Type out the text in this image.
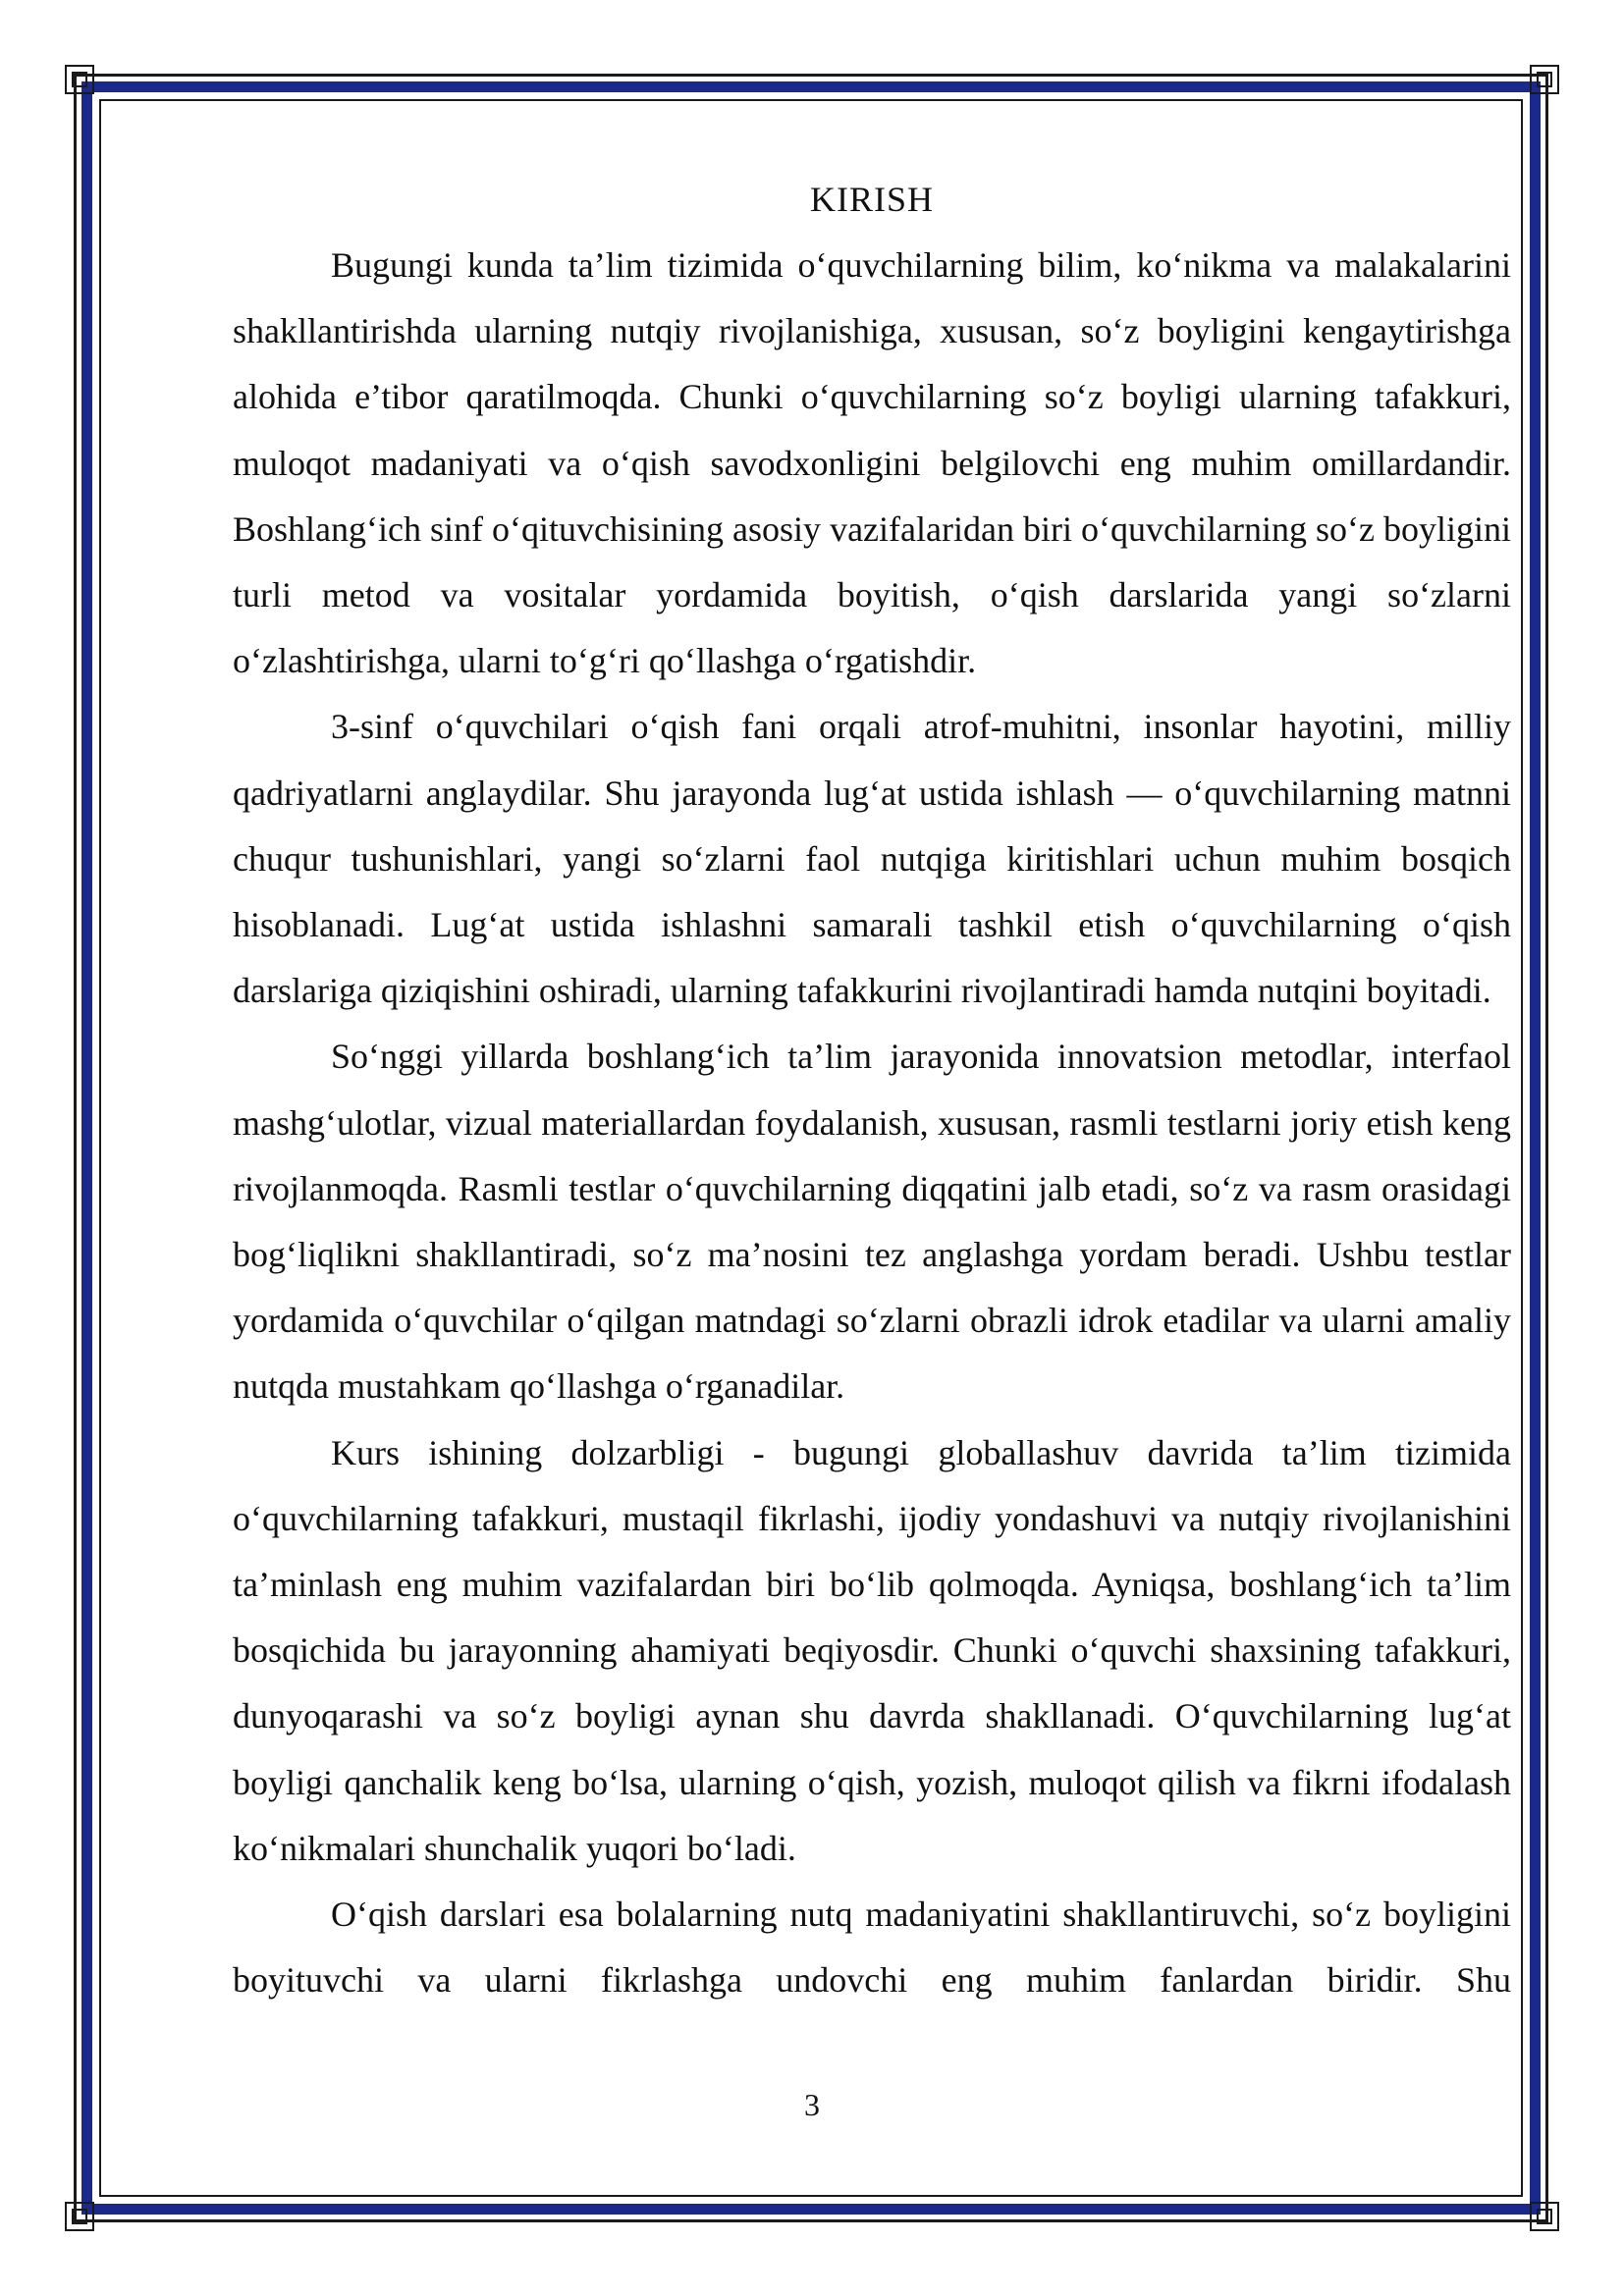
KIRISH

Bugungi kunda ta’lim tizimida o‘quvchilarning bilim, ko‘nikma va malakalarini shakllantirishda ularning nutqiy rivojlanishiga, xususan, so‘z boyligini kengaytirishga alohida e’tibor qaratilmoqda. Chunki o‘quvchilarning so‘z boyligi ularning tafakkuri, muloqot madaniyati va o‘qish savodxonligini belgilovchi eng muhim omillardandir. Boshlang‘ich sinf o‘qituvchisining asosiy vazifalaridan biri o‘quvchilarning so‘z boyligini turli metod va vositalar yordamida boyitish, o‘qish darslarida yangi so‘zlarni o‘zlashtirishga, ularni to‘g‘ri qo‘llashga o‘rgatishdir.

3-sinf o‘quvchilari o‘qish fani orqali atrof-muhitni, insonlar hayotini, milliy qadriyatlarni anglaydilar. Shu jarayonda lug‘at ustida ishlash — o‘quvchilarning matnni chuqur tushunishlari, yangi so‘zlarni faol nutqiga kiritishlari uchun muhim bosqich hisoblanadi. Lug‘at ustida ishlashni samarali tashkil etish o‘quvchilarning o‘qish darslariga qiziqishini oshiradi, ularning tafakkurini rivojlantiradi hamda nutqini boyitadi.

So‘nggi yillarda boshlang‘ich ta’lim jarayonida innovatsion metodlar, interfaol mashg‘ulotlar, vizual materiallardan foydalanish, xususan, rasmli testlarni joriy etish keng rivojlanmoqda. Rasmli testlar o‘quvchilarning diqqatini jalb etadi, so‘z va rasm orasidagi bog‘liqlikni shakllantiradi, so‘z ma’nosini tez anglashga yordam beradi. Ushbu testlar yordamida o‘quvchilar o‘qilgan matndagi so‘zlarni obrazli idrok etadilar va ularni amaliy nutqda mustahkam qo‘llashga o‘rganadilar.

Kurs ishining dolzarbligi - bugungi globallashuv davrida ta’lim tizimida o‘quvchilarning tafakkuri, mustaqil fikrlashi, ijodiy yondashuvi va nutqiy rivojlanishini ta’minlash eng muhim vazifalardan biri bo‘lib qolmoqda. Ayniqsa, boshlang‘ich ta’lim bosqichida bu jarayonning ahamiyati beqiyosdir. Chunki o‘quvchi shaxsining tafakkuri, dunyoqarashi va so‘z boyligi aynan shu davrda shakllanadi. O‘quvchilarning lug‘at boyligi qanchalik keng bo‘lsa, ularning o‘qish, yozish, muloqot qilish va fikrni ifodalash ko‘nikmalari shunchalik yuqori bo‘ladi.

O‘qish darslari esa bolalarning nutq madaniyatini shakllantiruvchi, so‘z boyligini boyituvchi va ularni fikrlashga undovchi eng muhim fanlardan biridir. Shu

3
